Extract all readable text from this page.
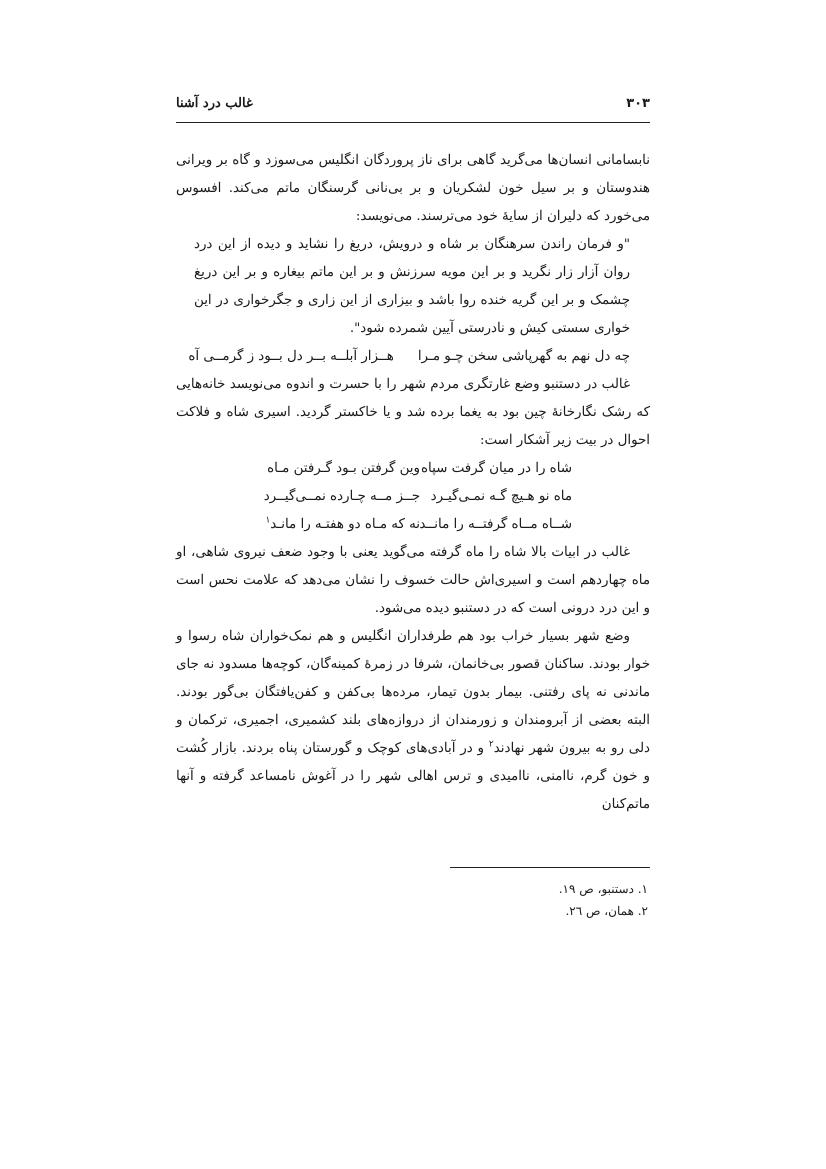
۳۰۳
غالب درد آشنا

نابسامانی انسان‌ها می‌گرید گاهی برای ناز پروردگان انگلیس می‌سوزد و گاه بر ویرانی هندوستان و بر سیل خون لشکریان و بر بی‌نانی گرسنگان ماتم می‌کند. افسوس می‌خورد که دلیران از سایهٔ خود می‌ترسند. می‌نویسد:

"و فرمان راندن سرهنگان بر شاه و درویش، دریغ را نشاید و دیده از این درد روان آزار زار نگرید و بر این مویه سرزنش و بر این ماتم بیغاره و بر این دریغ چشمک و بر این گریه خنده روا باشد و بیزاری از این زاری و جگرخواری در این خواری سستی کیش و نادرستی آیین شمرده شود".

چه دل نهم به گهرپاشی سخن چـو مـرا
هــزار آبلــه بــر دل بــود ز گرمــی آه

غالب در دستنبو وضع غارتگری مردم شهر را با حسرت و اندوه می‌نویسد خانه‌هایی که رشک نگارخانهٔ چین بود به یغما برده شد و یا خاکستر گردید. اسیری شاه و فلاکت احوال در بیت زیر آشکار است:

شاه را در میان گرفت سپاه
وین گرفتن بـود گـرفتن مـاه
ماه نو هـیچ گـه نمـی‌گیـرد
جــز مــه چـارده نمــی‌گیــرد
شــاه مــاه گرفتــه را مانــد
نه که مـاه دو هفتـه را مانـد$^۱$

غالب در ابیات بالا شاه را ماه گرفته می‌گوید یعنی با وجود ضعف نیروی شاهی، او ماه چهاردهم است و اسیری‌اش حالت خسوف را نشان می‌دهد که علامت نحس است و این درد درونی است که در دستنبو دیده می‌شود.

وضع شهر بسیار خراب بود هم طرفداران انگلیس و هم نمک‌خواران شاه رسوا و خوار بودند. ساکنان قصور بی‌خانمان، شرفا در زمرهٔ کمینه‌گان، کوچه‌ها مسدود نه جای ماندنی نه پای رفتنی. بیمار بدون تیمار، مرده‌ها بی‌کفن و کفن‌یافتگان بی‌گور بودند. البته بعضی از آبرومندان و زورمندان از دروازه‌های بلند کشمیری، اجمیری، ترکمان و دلی رو به بیرون شهر نهادند$^۲$ و در آبادی‌های کوچک و گورستان پناه بردند. بازار کُشت و خون گرم، ناامنی، ناامیدی و ترس اهالی شهر را در آغوش نامساعد گرفته و آنها ماتم‌کنان

۱. دستنبو، ص ۱۹.
۲. همان، ص ۲٦.
